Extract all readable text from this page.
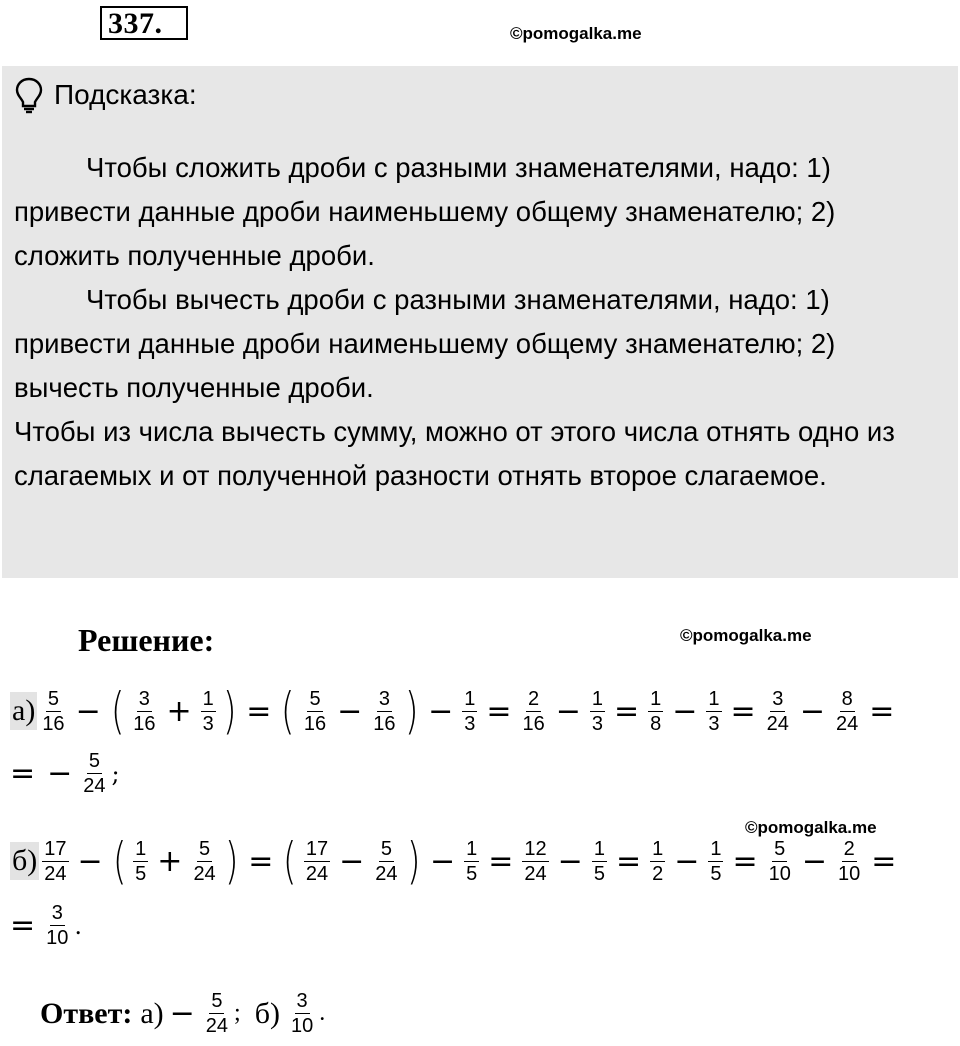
337.	©pomogalka.me
Подсказка:

Чтобы сложить дроби с разными знаменателями, надо: 1) привести данные дроби наименьшему общему знаменателю; 2) сложить полученные дроби.

Чтобы вычесть дроби с разными знаменателями, надо: 1) привести данные дроби наименьшему общему знаменателю; 2) вычесть полученные дроби.

Чтобы из числа вычесть сумму, можно от этого числа отнять одно из слагаемых и от полученной разности отнять второе слагаемое.

Решение:	©pomogalka.me
$а) \frac{5}{16}$ − ( $\frac{3}{16} + \frac{1}{3}$ ) = ( $\frac{5}{16} - \frac{3}{16}$ ) − $\frac{1}{3} = \frac{2}{16} - \frac{1}{3} = \frac{1}{8} - \frac{1}{3} = \frac{3}{24} - \frac{8}{24}$ =
= − $\frac{5}{24}$ ;
©pomogalka.me
$б) \frac{17}{24}$ − ( $\frac{1}{5} + \frac{5}{24}$ ) = ( $\frac{17}{24} - \frac{5}{24}$ ) − $\frac{1}{5} = \frac{12}{24} - \frac{1}{5} = \frac{1}{2} - \frac{1}{5} = \frac{5}{10} - \frac{2}{10}$ =
= $\frac{3}{10}$ .
Ответ: $а) - \frac{5}{24}$ ; $б) \frac{3}{10}$ .
